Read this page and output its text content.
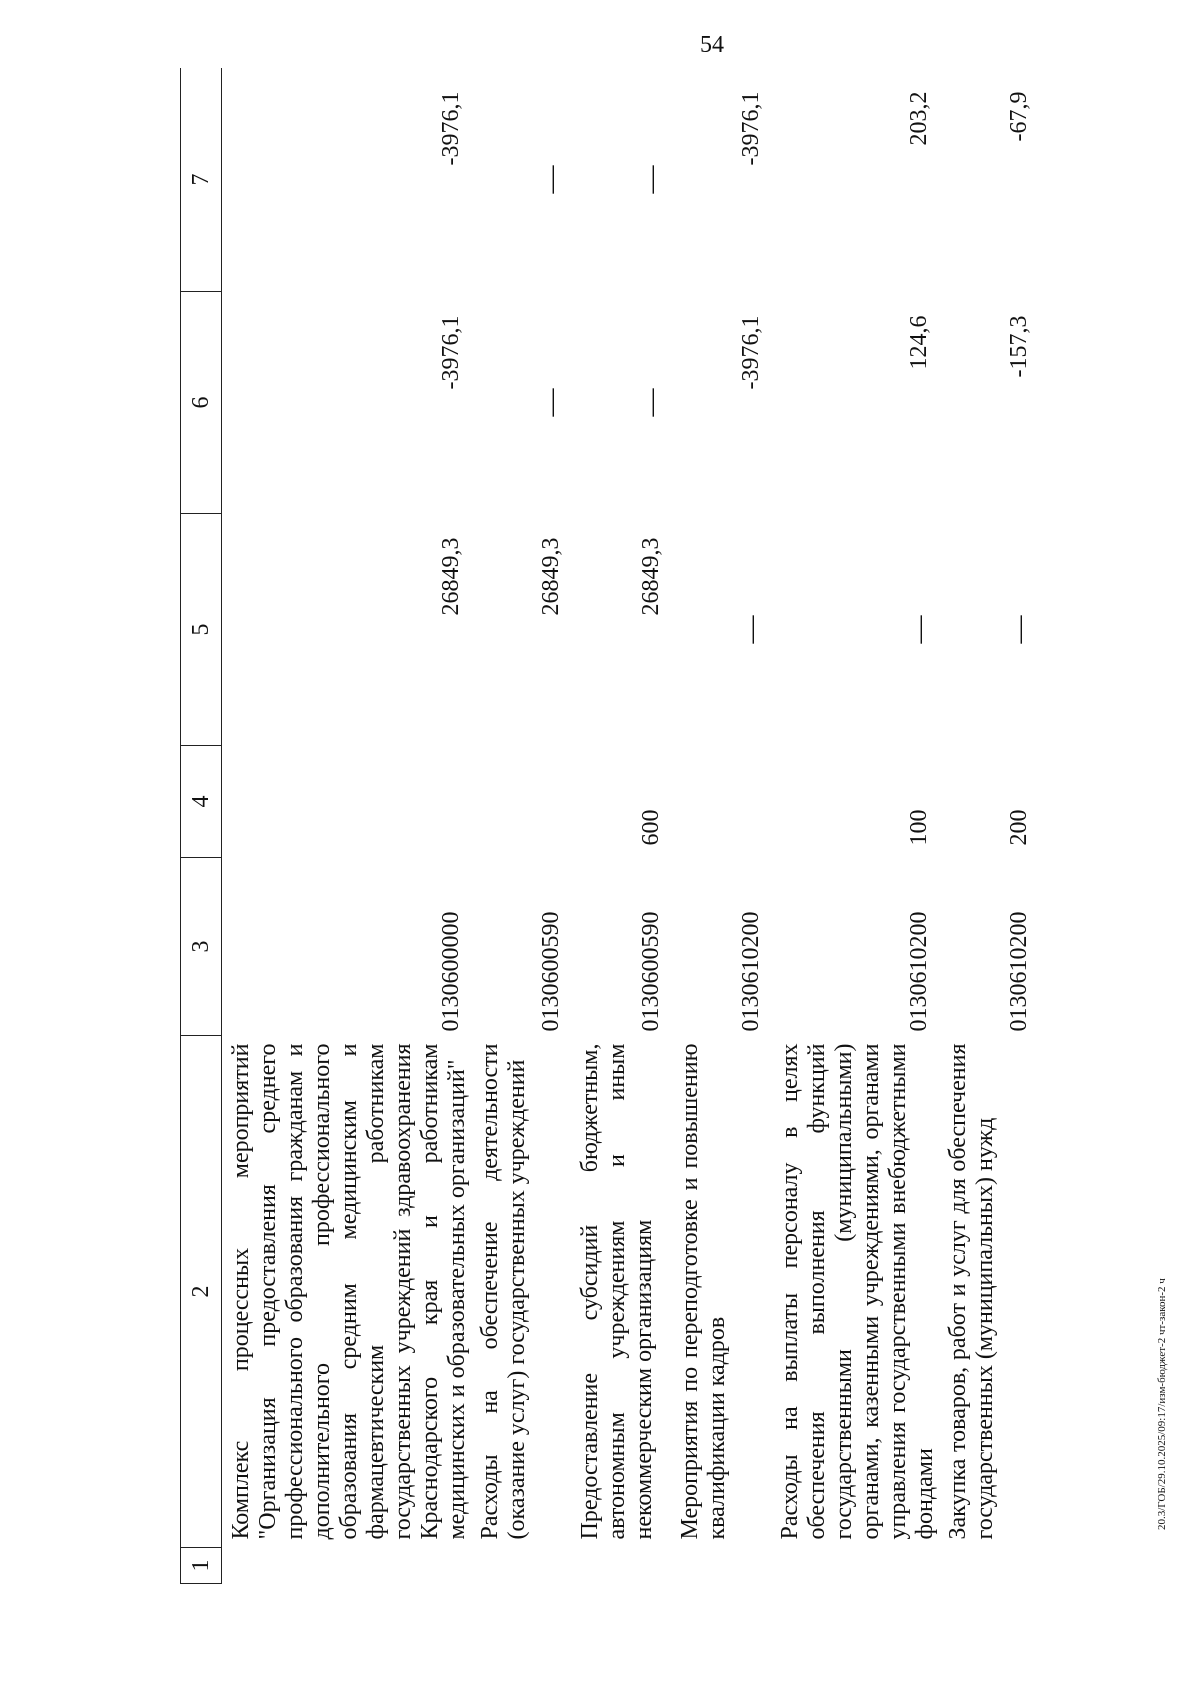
54
1	2	3	4	5	6	7
	Комплекс процессных мероприятий "Организация предоставления среднего профессионального образования гражданам и дополнительного профессионального образования средним медицинским и фармацевтическим работникам государственных учреждений здравоохранения Краснодарского края и работникам медицинских и образовательных организаций"	0130600000		26849,3	-3976,1	-3976,1
	Расходы на обеспечение деятельности (оказание услуг) государственных учреждений	0130600590		26849,3	—	—
	Предоставление субсидий бюджетным, автономным учреждениям и иным некоммерческим организациям	0130600590	600	26849,3	—	—
	Мероприятия по переподготовке и повышению квалификации кадров	0130610200		—	-3976,1	-3976,1
	Расходы на выплаты персоналу в целях обеспечения выполнения функций государственными (муниципальными) органами, казенными учреждениями, органами управления государственными внебюджетными фондами	0130610200	100	—	124,6	203,2
	Закупка товаров, работ и услуг для обеспечения государственных (муниципальных) нужд	0130610200	200	—	-157,3	-67,9
20.3/ГОБ/29.10.2025/09:17/изм-бюджет-2 чт-закон-2 ч
